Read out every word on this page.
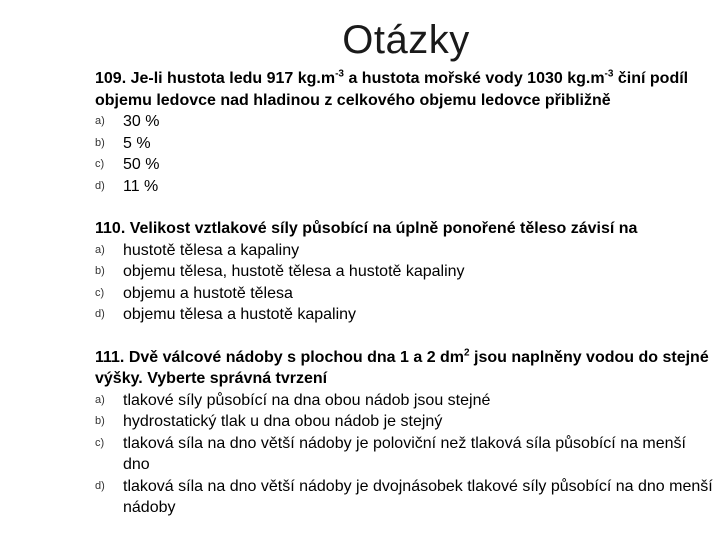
Otázky
109. Je-li hustota ledu 917 $kg.m^{-3}$ a hustota mořské vody 1030 $kg.m^{-3}$ činí podíl objemu ledovce nad hladinou z celkového objemu ledovce přibližně
a)	30 %
b)	5 %
c)	50 %
d)	11 %
110. Velikost vztlakové síly působící na úplně ponořené těleso závisí na
a)	hustotě tělesa a kapaliny
b)	objemu tělesa, hustotě tělesa a hustotě kapaliny
c)	objemu a hustotě tělesa
d)	objemu tělesa a hustotě kapaliny
111. Dvě válcové nádoby s plochou dna 1 a 2 $dm^2$ jsou naplněny vodou do stejné výšky. Vyberte správná tvrzení
a)	tlakové síly působící na dna obou nádob jsou stejné
b)	hydrostatický tlak u dna obou nádob je stejný
c)	tlaková síla na dno větší nádoby je poloviční než tlaková síla působící na menší dno
d)	tlaková síla na dno větší nádoby je dvojnásobek tlakové síly působící na dno menší nádoby
